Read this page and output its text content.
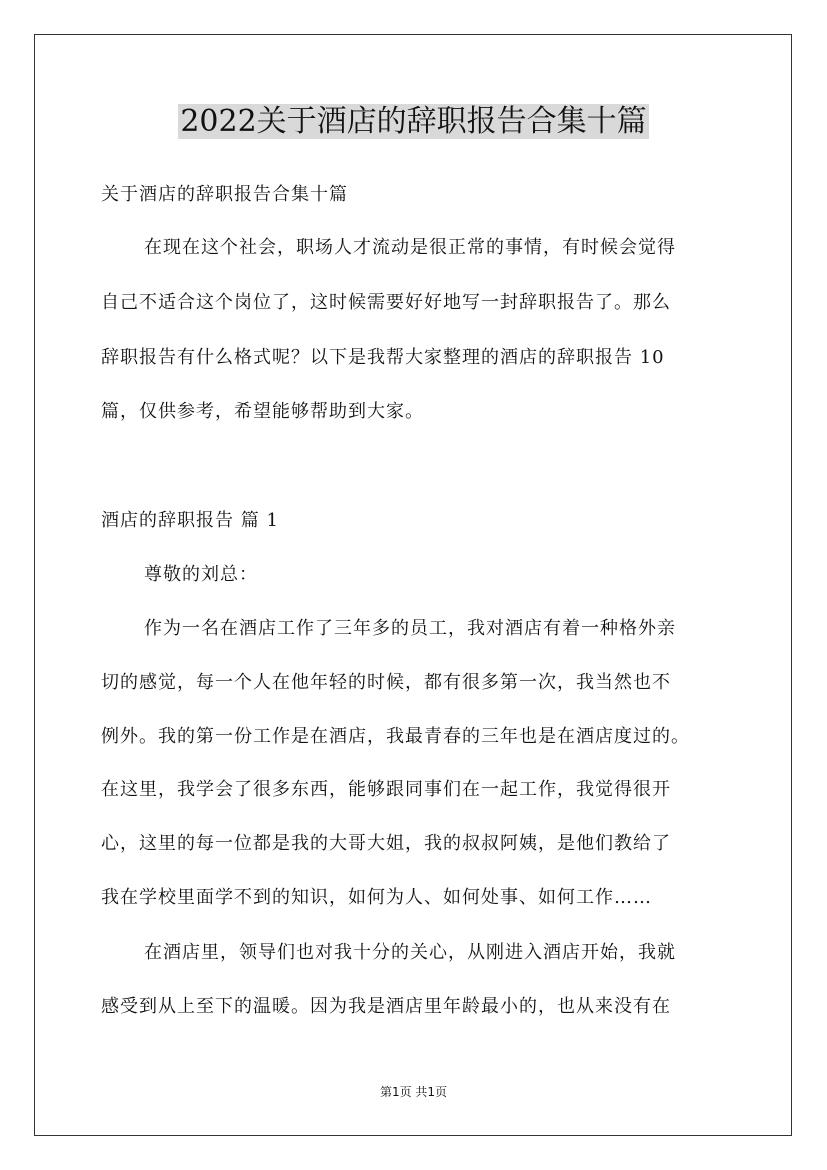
2022关于酒店的辞职报告合集十篇
关于酒店的辞职报告合集十篇
在现在这个社会，职场人才流动是很正常的事情，有时候会觉得
自己不适合这个岗位了，这时候需要好好地写一封辞职报告了。那么
辞职报告有什么格式呢？以下是我帮大家整理的酒店的辞职报告 10
篇，仅供参考，希望能够帮助到大家。
酒店的辞职报告 篇 1
尊敬的刘总：
作为一名在酒店工作了三年多的员工，我对酒店有着一种格外亲
切的感觉，每一个人在他年轻的时候，都有很多第一次，我当然也不
例外。我的第一份工作是在酒店，我最青春的三年也是在酒店度过的。
在这里，我学会了很多东西，能够跟同事们在一起工作，我觉得很开
心，这里的每一位都是我的大哥大姐，我的叔叔阿姨，是他们教给了
我在学校里面学不到的知识，如何为人、如何处事、如何工作……
在酒店里，领导们也对我十分的关心，从刚进入酒店开始，我就
感受到从上至下的温暖。因为我是酒店里年龄最小的，也从来没有在
第1页 共1页
